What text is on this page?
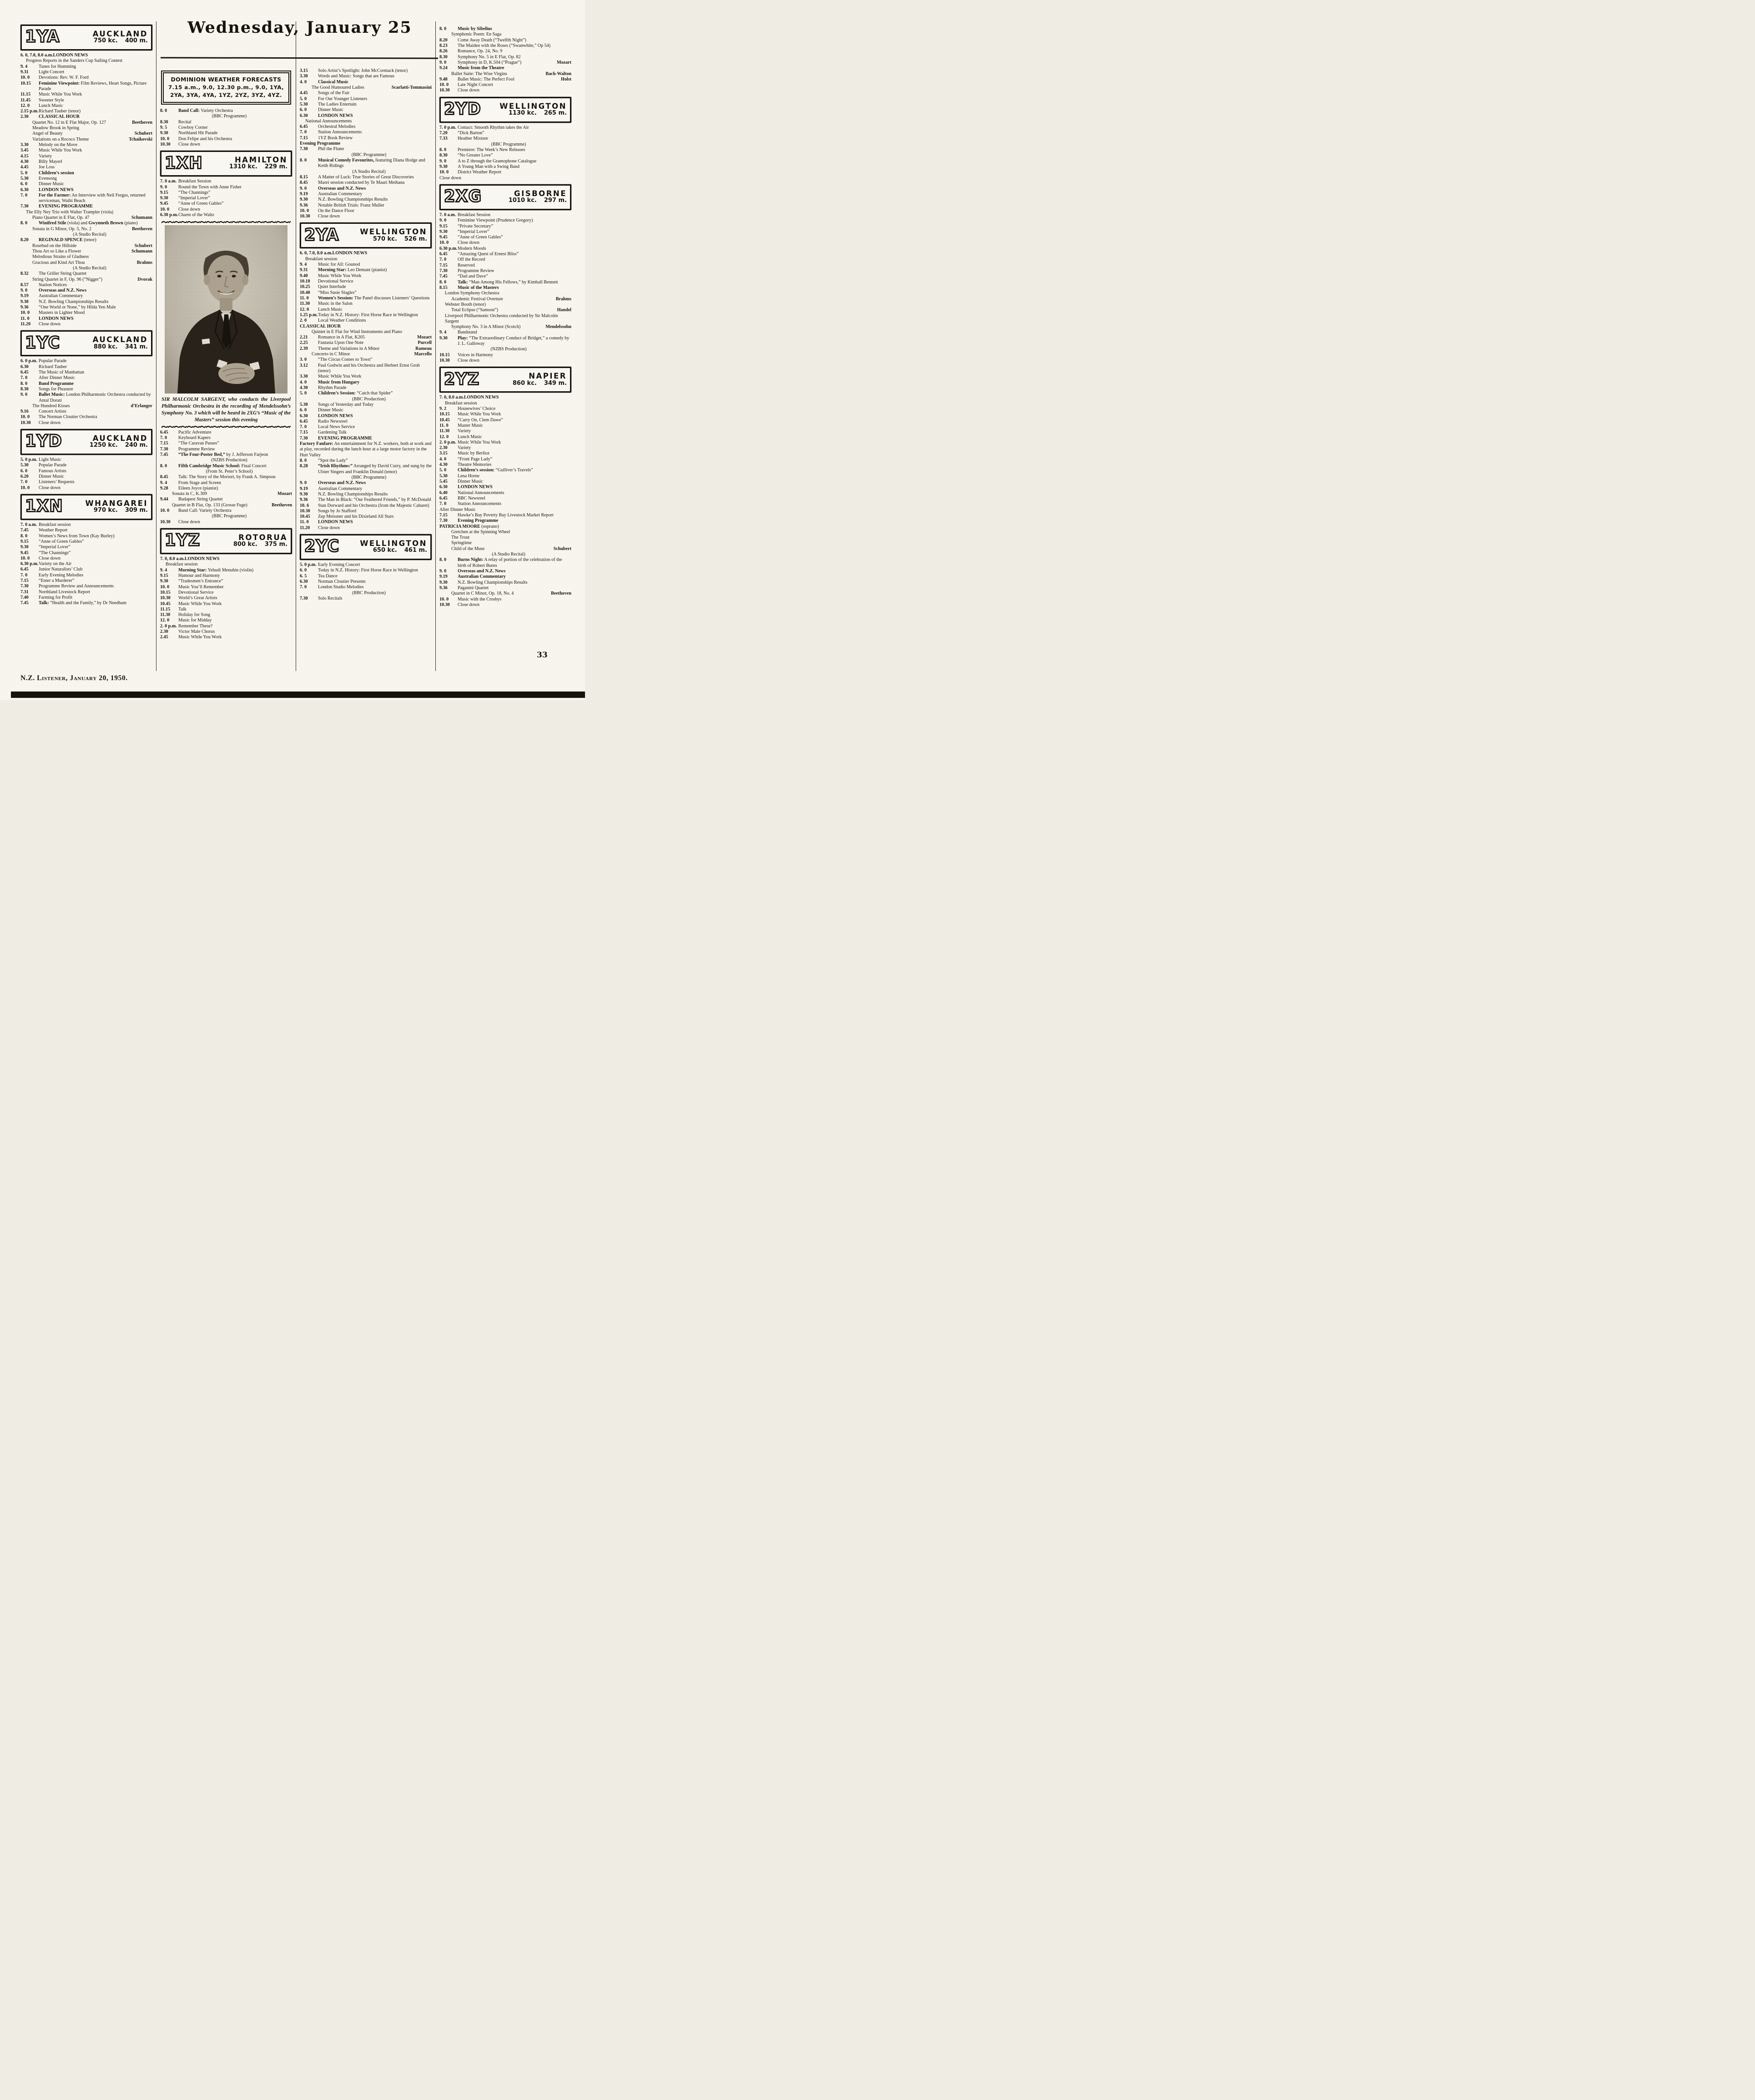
Wednesday, January 25
1YA	AUCKLAND
750 kc. 400 m.
6. 0, 7.0, 8.0 a.m. LONDON NEWS
Progress Reports in the Sanders Cup Sailing Contest
9. 4	Tunes for Humming
9.31	Light Concert
10. 0	Devotions: Rev. W. F. Ford
10.15	Feminine Viewpoint: Film Reviews, Heart Songs, Picture Parade
11.15	Music While You Work
11.45	Sweeter Style
12. 0	Lunch Music
2.15 p.m. Richard Tauber (tenor)
2.30	CLASSICAL HOUR
Quartet No. 12 in E Flat Major, Op. 127	Beethoven
Meadow Brook in Spring
Angel of Beauty	Schubert
Variations on a Rococo Theme	Tchaikovski
3.30	Melody on the Move
3.45	Music While You Work
4.15	Variety
4.30	Billy Mayerl
4.45	Joe Loss
5. 0	Children’s session
5.30	Evensong
6. 0	Dinner Music
6.30	LONDON NEWS
7. 0	For the Farmer: An Interview with Neil Fergus, returned serviceman, Waihi Beach
7.30	EVENING PROGRAMME
The Elly Ney Trio with Walter Trampler (viola)
Piano Quartet in E Flat, Op. 47	Schumann
8. 0	Winifred Stile (viola) and Gwynneth Brown (piano)
Sonata in G Minor, Op. 5, No. 2	Beethoven
(A Studio Recital)
8.20	REGINALD SPENCE (tenor)
Rosebud on the Hillside	Schubert
Thou Art so Like a Flower	Schumann
Melodious Strains of Gladness
Gracious and Kind Art Thou	Brahms
(A Studio Recital)
8.32	The Griller String Quartet
String Quartet in F, Op. 96 (“Nigger”)	Dvorak
8.57	Station Notices
9. 0	Overseas and N.Z. News
9.19	Australian Commentary
9.30	N.Z. Bowling Championships Results
9.36	“One World or None,” by Hilda Yen Male
10. 0	Masters in Lighter Mood
11. 0	LONDON NEWS
11.20	Close down
1YC	AUCKLAND
880 kc. 341 m.
6. 0 p.m. Popular Parade
6.30	Richard Tauber
6.45	The Music of Manhattan
7. 0	After Dinner Music
8. 0	Band Programme
8.30	Songs for Pleasure
9. 0	Ballet Music: London Philharmonic Orchestra conducted by Antal Dorati
The Hundred Kisses	d’Erlanger
9.16	Concert Artists
10. 0	The Norman Cloutier Orchestra
10.30	Close down
1YD	AUCKLAND
1250 kc. 240 m.
5. 0 p.m. Light Music
5.30	Popular Parade
6. 0	Famous Artists
6.20	Dinner Music
7. 0	Listeners’ Requests
10. 0	Close down
1XN	WHANGAREI
970 kc. 309 m.
7. 0 a.m. Breakfast session
7.45	Weather Report
8. 0	Women’s News from Town (Kay Burley)
9.15	“Anne of Green Gables”
9.30	“Imperial Lover”
9.45	“The Channings”
10. 0	Close down
6.30 p.m. Variety on the Air
6.45	Junior Naturalists’ Club
7. 0	Early Evening Melodies
7.15	“Enter a Murderer”
7.30	Programme Review and Announcements
7.31	Northland Livestock Report
7.40	Farming for Profit
7.45	Talk: “Health and the Family,” by Dr Needham
DOMINION WEATHER FORECASTS
7.15 a.m., 9.0, 12.30 p.m., 9.0, 1YA,
2YA, 3YA, 4YA, 1YZ, 2YZ, 3YZ, 4YZ.
8. 0	Band Call: Variety Orchestra
(BBC Programme)
8.30	Recital
9. 5	Cowboy Corner
9.30	Northland Hit Parade
10. 0	Don Felipe and his Orchestra
10.30	Close down
1XH	HAMILTON
1310 kc. 229 m.
7. 0 a.m. Breakfast Session
9. 0	Round the Town with Anne Fisher
9.15	“The Channings”
9.30	“Imperial Lover”
9.45	“Anne of Green Gables”
10. 0	Close down
6.30 p.m. Charm of the Waltz
SIR MALCOLM SARGENT, who conducts the Liverpool Philharmonic Orchestra in the recording of Mendelssohn’s Symphony No. 3 which will be heard in 2XG’s “Music of the Masters” session this evening
6.45	Pacific Adventure
7. 0	Keyboard Kapers
7.15	“The Caravan Passes”
7.30	Programme Review
7.45	“The Four-Poster Bed,” by J. Jefferson Farjeon
(NZBS Production)
8. 0	Fifth Cambridge Music School: Final Concert
(From St. Peter’s School)
8.45	Talk: The Story of the Moriori, by Frank A. Simpson
9. 4	From Stage and Screen
9.28	Eileen Joyce (pianist)
Sonata in C, K.309	Mozart
9.44	Budapest String Quartet
Quartet in B Flat, Op. 133 (Grosse Fuge)	Beethoven
10. 0	Band Call: Variety Orchestra
(BBC Programme)
10.30	Close down
1YZ	ROTORUA
800 kc. 375 m.
7. 0, 8.0 a.m. LONDON NEWS
Breakfast session
9. 4	Morning Star: Yehudi Menuhin (violin)
9.15	Humour and Harmony
9.30	“Tradesmen’s Entrance”
10. 0	Music You’ll Remember
10.15	Devotional Service
10.30	World’s Great Artists
10.45	Music While You Work
11.15	Talk
11.30	Holiday for Song
12. 0	Music for Midday
2. 0 p.m. Remember These?
2.30	Victor Male Chorus
2.45	Music While You Work
3.15	Solo Artist’s Spotlight: John McCormack (tenor)
3.30	Words and Music: Songs that are Famous
4. 0	Classical Music
The Good Humoured Ladies	Scarlatti-Tommasini
4.45	Songs of the Fair
5. 0	For Our Younger Listeners
5.30	The Ladies Entertain
6. 0	Dinner Music
6.30	LONDON NEWS
National Announcements
6.45	Orchestral Melodies
7. 0	Station Announcements
7.15	1YZ Book Review
Evening Programme
7.30	Phil the Fluter
(BBC Programme)
8. 0	Musical Comedy Favourites, featuring Diana Hodge and Keith Ridings
(A Studio Recital)
8.15	A Matter of Luck: True Stories of Great Discoveries
8.45	Maori session conducted by Te Mauri Meihana
9. 0	Overseas and N.Z. News
9.19	Australian Commentary
9.30	N.Z. Bowling Championships Results
9.36	Notable British Trials: Franz Muller
10. 0	On the Dance Floor
10.30	Close down
2YA	WELLINGTON
570 kc. 526 m.
6. 0, 7.0, 8.0 a.m. LONDON NEWS
Breakfast session
9. 4	Music for All: Gounod
9.31	Morning Star: Leo Demant (pianist)
9.40	Music While You Work
10.10	Devotional Service
10.25	Quiet Interlude
10.40	“Miss Susie Slagles”
11. 0	Women’s Session: The Panel discusses Listeners’ Questions
11.30	Music in the Salon
12. 0	Lunch Music
1.25 p.m. Today in N.Z. History: First Horse Race in Wellington
2. 0	Local Weather Conditions
CLASSICAL HOUR
Quintet in E Flat for Wind Instruments and Piano
2.21	Romance in A Flat, K205	Mozart
2.25	Fantasia Upon One Note	Purcell
2.39	Theme and Variations in A Minor	Rameau
Concerto in C Minor	Marcello
3. 0	“The Circus Comes to Town”
3.12	Paul Godwin and his Orchestra and Herbert Ernst Groh (tenor)
3.30	Music While You Work
4. 0	Music from Hungary
4.30	Rhythm Parade
5. 0	Children’s Session: “Catch that Spider”
(BBC Production)
5.30	Songs of Yesterday and Today
6. 0	Dinner Music
6.30	LONDON NEWS
6.45	Radio Newsreel
7. 0	Local News Service
7.15	Gardening Talk
7.30	EVENING PROGRAMME
Factory Fanfare: An entertainment for N.Z. workers, both at work and at play, recorded during the lunch hour at a large motor factory in the Hutt Valley
8. 0	“Spot the Lady”
8.28	“Irish Rhythms:” Arranged by David Curry, and sung by the Ulster Singers and Franklin Donald (tenor)
(BBC Programme)
9. 0	Overseas and N.Z. News
9.19	Australian Commentary
9.30	N.Z. Bowling Championships Results
9.36	The Man in Black: “Our Feathered Friends,” by P. McDonald
10. 6	Stan Dorward and his Orchestra (from the Majestic Cabaret)
10.30	Songs by Jo Stafford
10.45	Zep Meissner and his Dixieland All Stars
11. 0	LONDON NEWS
11.20	Close down
2YC	WELLINGTON
650 kc. 461 m.
5. 0 p.m. Early Evening Concert
6. 0	Today in N.Z. History: First Horse Race in Wellington
6. 5	Tea Dance
6.30	Norman Cloutier Presents
7. 0	London Studio Melodies
(BBC Production)
7.30	Solo Recitals
8. 0	Music by Sibelius
Symphonic Poem: En Saga
8.20	Come Away Death (“Twelfth Night”)
8.23	The Maiden with the Roses (“Swanwhite,” Op 54)
8.26	Romance, Op. 24, No. 9
8.30	Symphony No. 5 in E Flat, Op. 82
9. 0	Symphony in D, K.504 (“Prague”)	Mozart
9.24	Music from the Theatre
Ballet Suite: The Wise Virgins	Bach-Walton
9.48	Ballet Music: The Perfect Fool	Holst
10. 0	Late Night Concert
10.30	Close down
2YD	WELLINGTON
1130 kc. 265 m.
7. 0 p.m. Contact: Smooth Rhythm takes the Air
7.20	“Dick Barton”
7.33	Heather Mixture
(BBC Programme)
8. 0	Premiere: The Week’s New Releases
8.30	“No Greater Love”
9. 0	A to Z through the Gramophone Catalogue
9.30	A Young Man with a Swing Band
10. 0	District Weather Report
Close down
2XG	GISBORNE
1010 kc. 297 m.
7. 0 a.m. Breakfast Session
9. 0	Feminine Viewpoint (Prudence Gregory)
9.15	“Private Secretary”
9.30	“Imperial Lover”
9.45	“Anne of Green Gables”
10. 0	Close down
6.30 p.m. Modern Moods
6.45	“Amazing Quest of Ernest Bliss”
7. 0	Off the Record
7.15	Reserved
7.30	Programme Review
7.45	“Dad and Dave”
8. 0	Talk: “Man Among His Fellows,” by Kimball Bennett
8.15	Music of the Masters
London Symphony Orchestra
Academic Festival Overture	Brahms
Webster Booth (tenor)
Total Eclipse (“Samson”)	Handel
Liverpool Philharmonic Orchestra conducted by Sir Malcolm Sargent
Symphony No. 3 in A Minor (Scotch)	Mendelssohn
9. 4	Bandstand
9.30	Play: “The Extraordinary Conduct of Bridget,” a comedy by J. L. Galloway
(NZBS Production)
10.15	Voices in Harmony
10.30	Close down
2YZ	NAPIER
860 kc. 349 m.
7. 0, 8.0 a.m. LONDON NEWS
Breakfast session
9. 2	Housewives’ Choice
10.15	Music While You Work
10.45	“Carry On, Clem Dawe”
11. 0	Master Music
11.30	Variety
12. 0	Lunch Music
2. 0 p.m. Music While You Work
2.30	Variety
3.15	Music by Berlioz
4. 0	“Front Page Lady”
4.30	Theatre Memories
5. 0	Children’s session: “Gulliver’s Travels”
5.30	Lena Horne
5.45	Dinner Music
6.30	LONDON NEWS
6.40	National Announcements
6.45	BBC Newsreel
7. 0	Station Announcements
After Dinner Music
7.15	Hawke’s Bay Poverty Bay Livestock Market Report
7.30	Evening Programme
PATRICIA MOORE (soprano)
Gretchen at the Spinning Wheel
The Trout
Springtime
Child of the Muse	Schubert
(A Studio Recital)
8. 0	Burns Night: A relay of portion of the celebration of the birth of Robert Burns
9. 0	Overseas and N.Z. News
9.19	Australian Commentary
9.30	N.Z. Bowling Championships Results
9.36	Paganini Quartet
Quartet in C Minor, Op. 18, No. 4	Beethoven
10. 0	Music with the Crosbys
10.30	Close down
N.Z. Listener, January 20, 1950.
33
